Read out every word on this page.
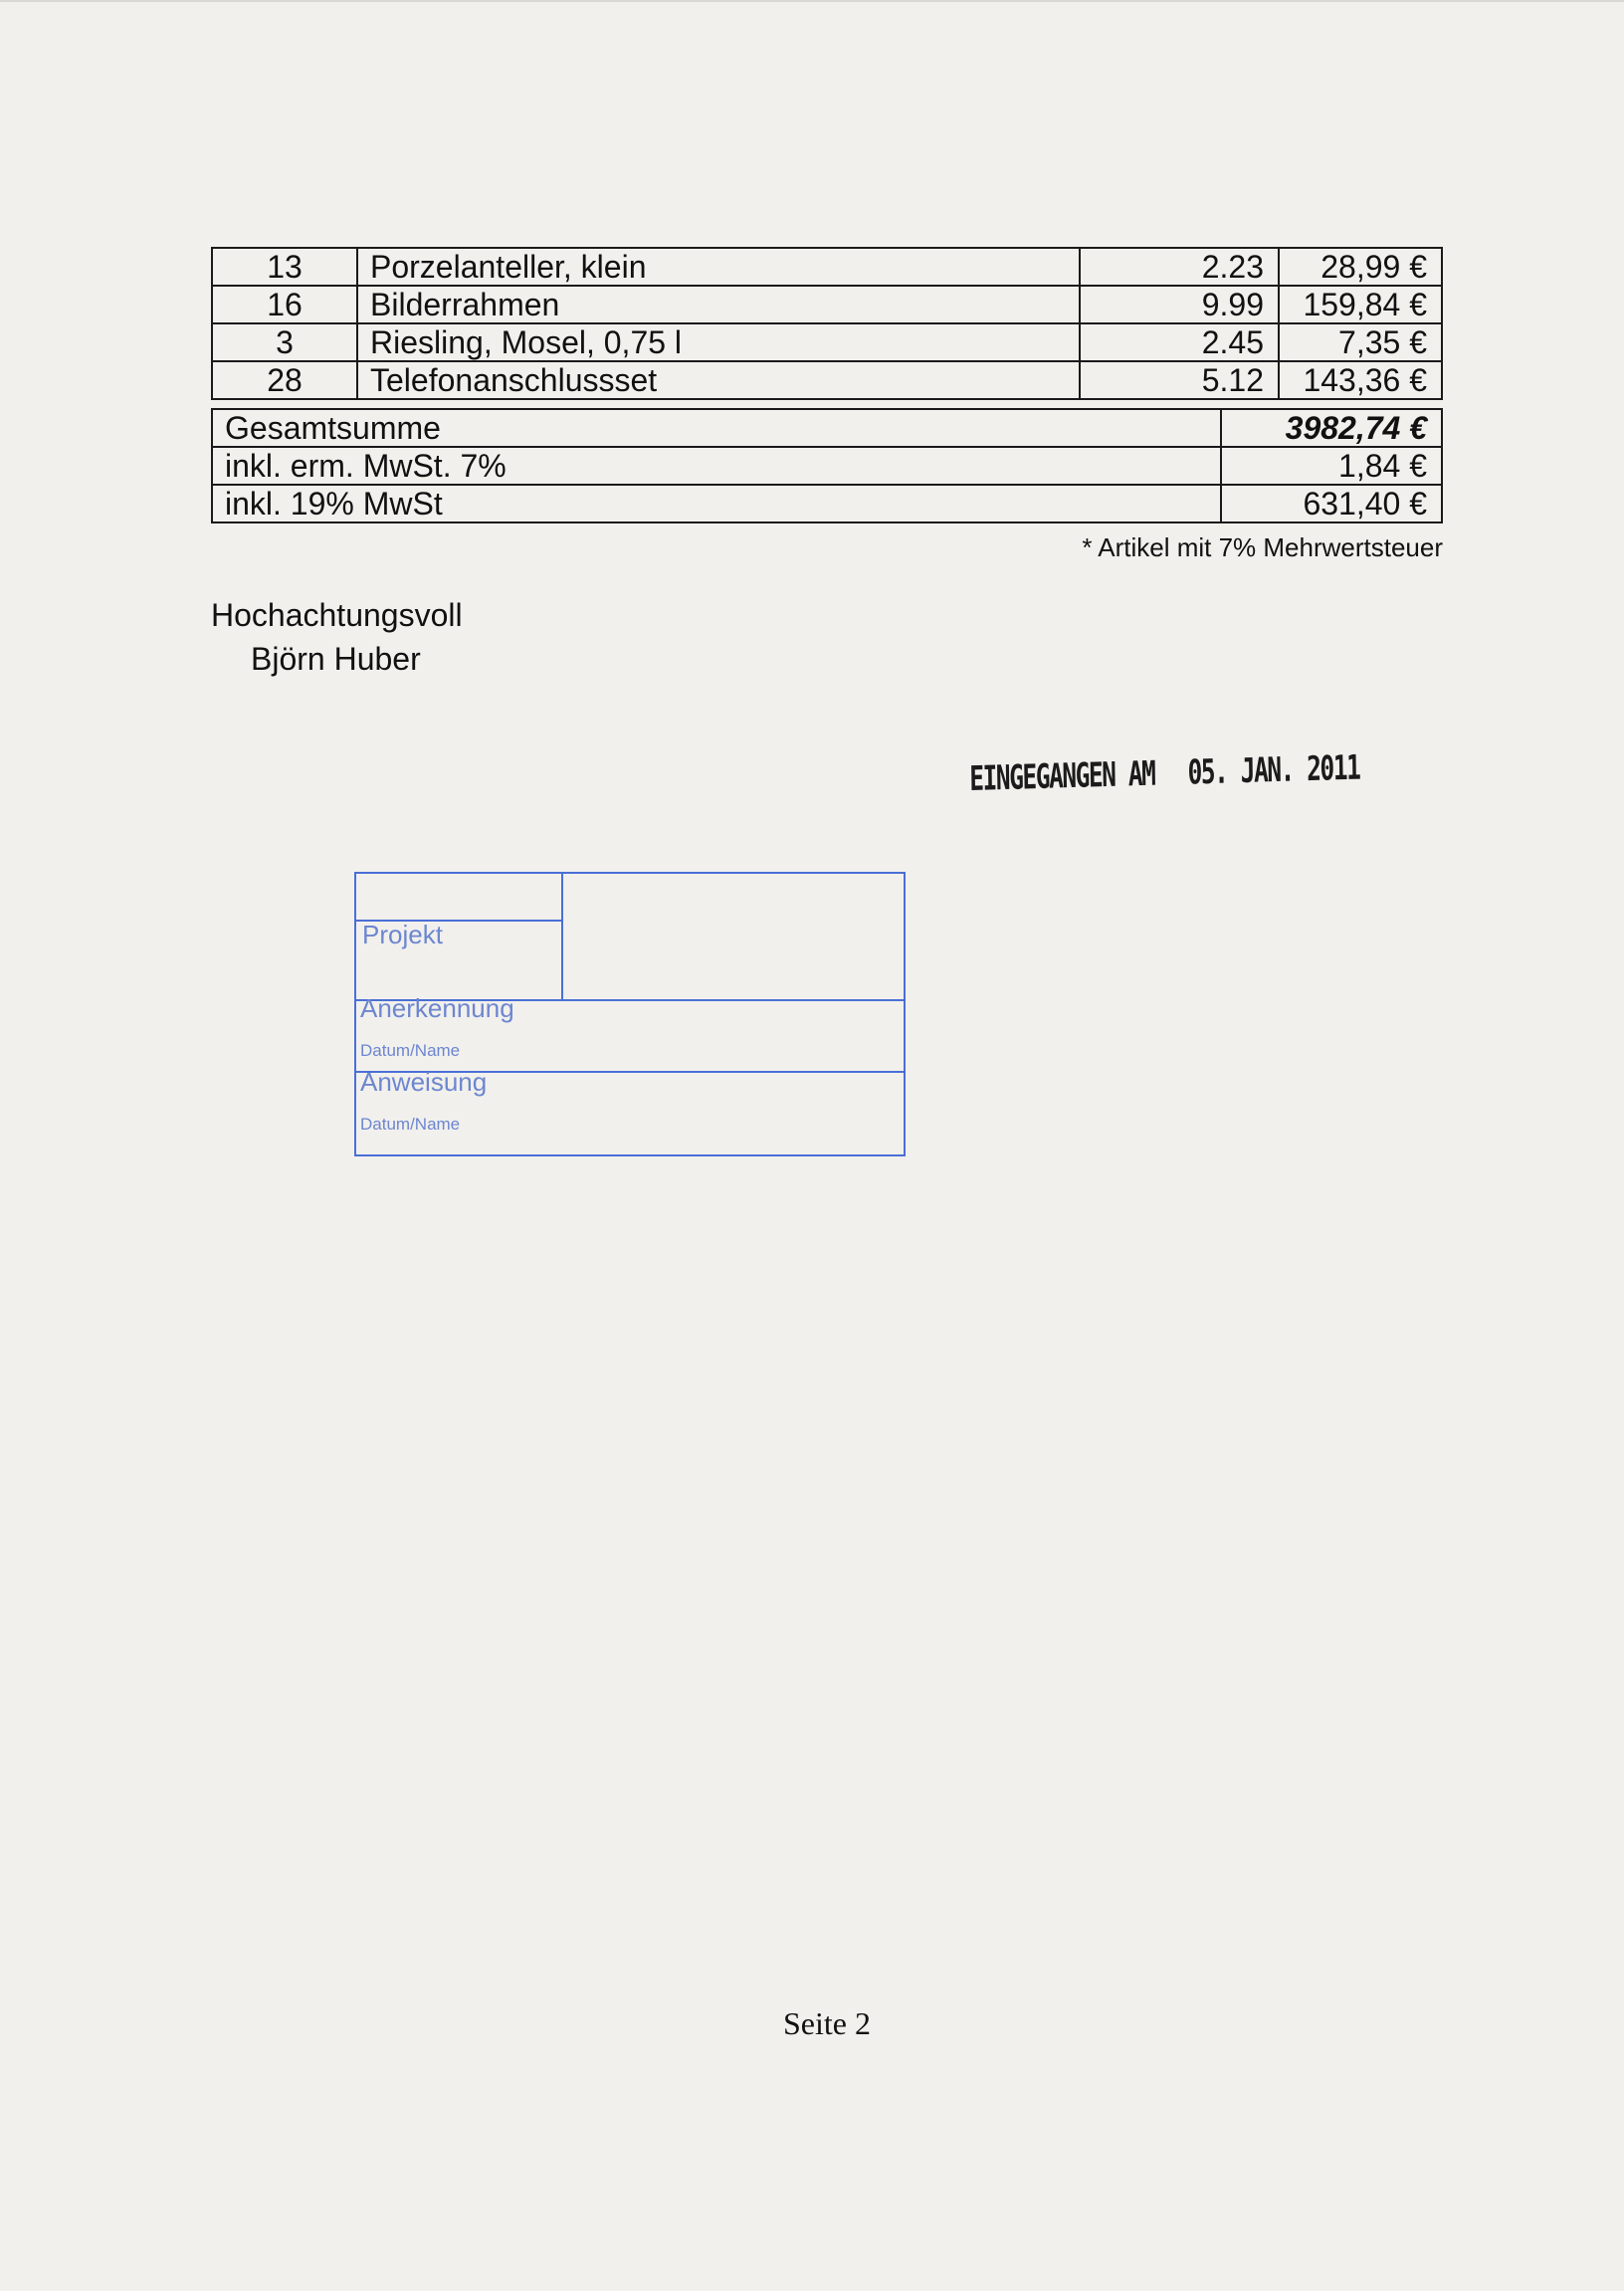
13	Porzelanteller, klein	2.23	28,99 €
16	Bilderrahmen	9.99	159,84 €
3	Riesling, Mosel, 0,75 l	2.45	7,35 €
28	Telefonanschlussset	5.12	143,36 €
Gesamtsumme	3982,74 €
inkl. erm. MwSt. 7%	1,84 €
inkl. 19% MwSt	631,40 €
* Artikel mit 7% Mehrwertsteuer
Hochachtungsvoll
Björn Huber
EINGEGANGEN AM 05. JAN. 2011
Projekt
Anerkennung
Datum/Name
Anweisung
Datum/Name
Seite 2
